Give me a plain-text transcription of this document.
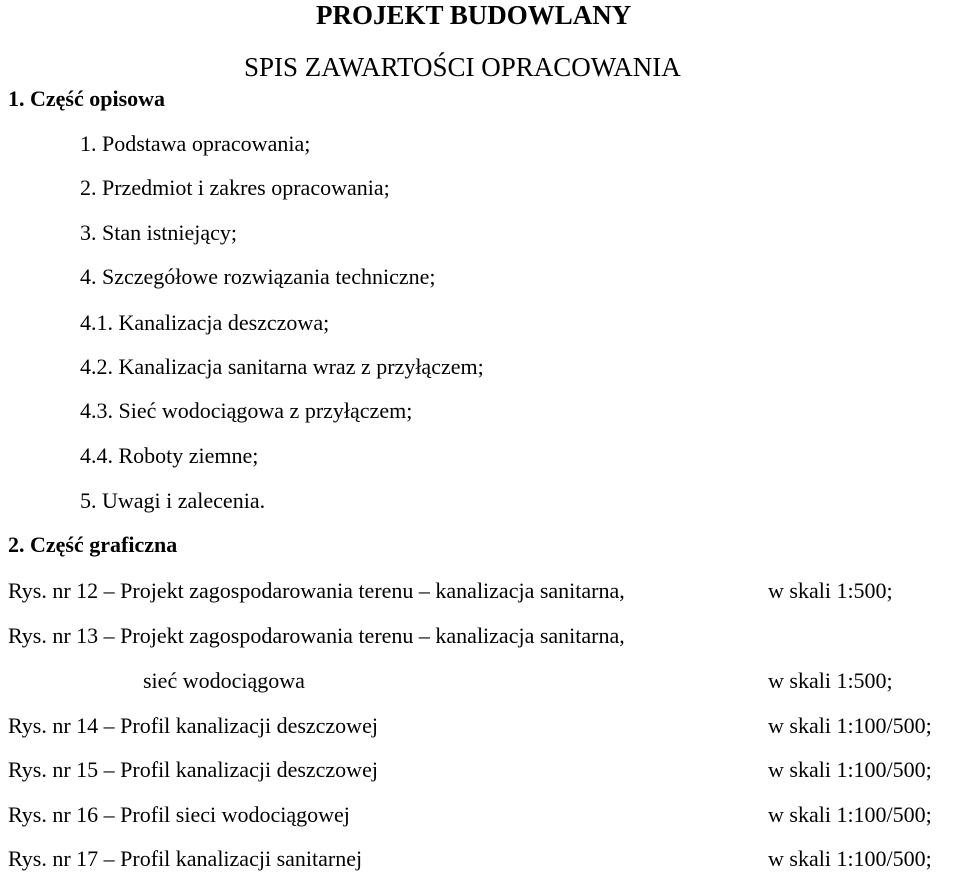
PROJEKT BUDOWLANY
SPIS ZAWARTOŚCI OPRACOWANIA
1. Część opisowa
1. Podstawa opracowania;
2. Przedmiot i zakres opracowania;
3. Stan istniejący;
4. Szczegółowe rozwiązania techniczne;
4.1. Kanalizacja deszczowa;
4.2. Kanalizacja sanitarna wraz z przyłączem;
4.3. Sieć wodociągowa z przyłączem;
4.4. Roboty ziemne;
5. Uwagi i zalecenia.
2. Część graficzna
Rys. nr 12 – Projekt zagospodarowania terenu – kanalizacja sanitarna,	w skali 1:500;
Rys. nr 13 – Projekt zagospodarowania terenu – kanalizacja sanitarna,
sieć wodociągowa	w skali 1:500;
Rys. nr 14 – Profil kanalizacji deszczowej	w skali 1:100/500;
Rys. nr 15 – Profil kanalizacji deszczowej	w skali 1:100/500;
Rys. nr 16 – Profil sieci wodociągowej	w skali 1:100/500;
Rys. nr 17 – Profil kanalizacji sanitarnej	w skali 1:100/500;
